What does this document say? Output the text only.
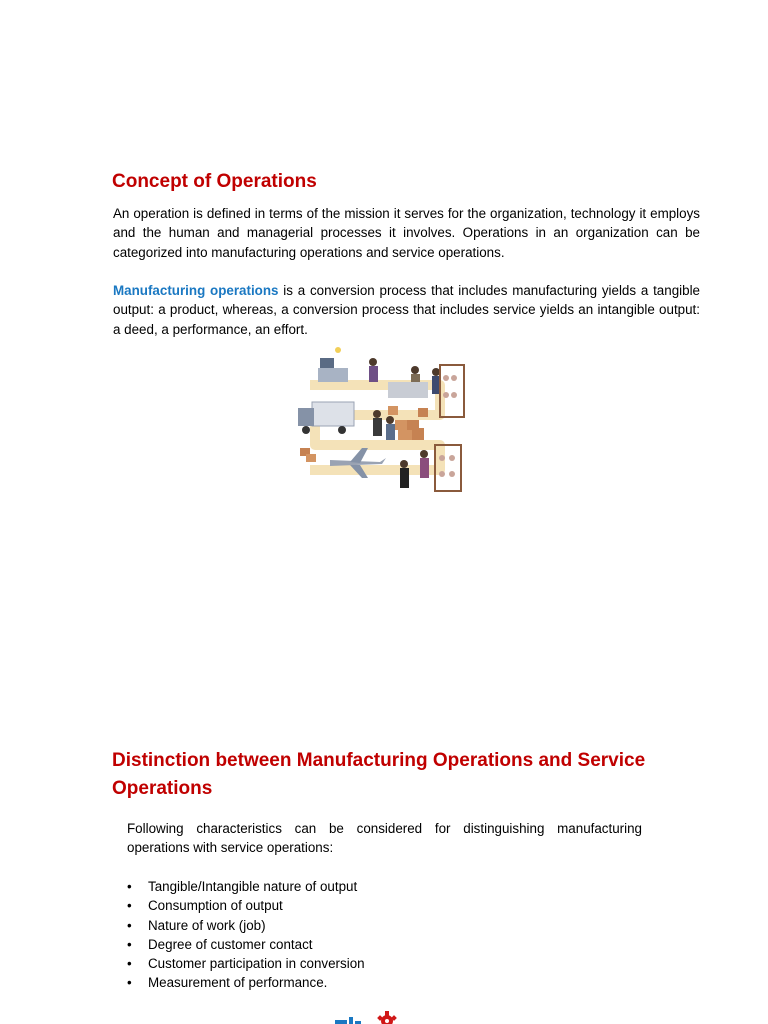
Concept of Operations

An operation is defined in terms of the mission it serves for the organization, technology it employs and the human and managerial processes it involves. Operations in an organization can be categorized into manufacturing operations and service operations.

Manufacturing operations is a conversion process that includes manufacturing yields a tangible output: a product, whereas, a conversion process that includes service yields an intangible output: a deed, a performance, an effort.

Distinction between Manufacturing Operations and Service Operations

Following characteristics can be considered for distinguishing manufacturing operations with service operations:

• Tangible/Intangible nature of output
• Consumption of output
• Nature of work (job)
• Degree of customer contact
• Customer participation in conversion
• Measurement of performance.
